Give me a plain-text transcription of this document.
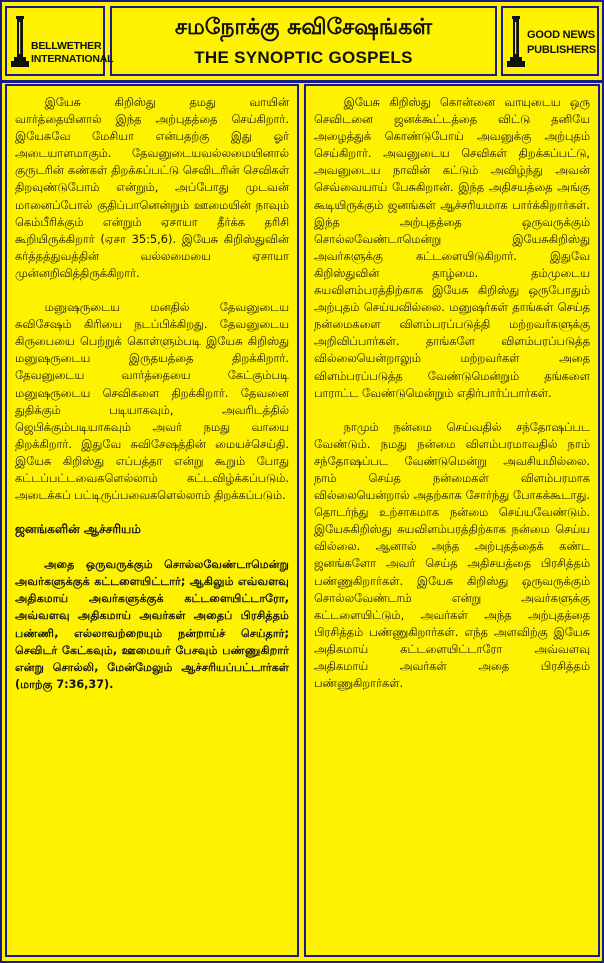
BELLWETHER
INTERNATIONAL
சமநோக்கு சுவிசேஷங்கள்
THE SYNOPTIC GOSPELS
GOOD NEWS
PUBLISHERS

இயேசு கிறிஸ்து தமது வாயின் வார்த்தையினால் இந்த அற்புதத்தை செய்கிறார். இயேசுவே மேசியா என்பதற்கு இது ஓர் அடையாளமாகும். தேவனுடையவல்லமையினால் குருடரின் கண்கள் திறக்கப்பட்டு செவிடரின் செவிகள் திறவுண்டுபோம் என்றும், அப்போது முடவன் மானைப்போல் குதிப்பானென்றும் ஊமையின் நாவும் கெம்பீரிக்கும் என்றும் ஏசாயா தீர்க்க தரிசி கூறியிருக்கிறார் (ஏசா 35:5,6). இயேசு கிறிஸ்துவின் கர்த்தத்துவத்தின் வல்லமையை ஏசாயா முன்னறிவித்திருக்கிறார்.

மனுஷருடைய மனதில் தேவனுடைய சுவிசேஷம் கிரியை நடப்பிக்கிறது. தேவனுடைய கிருபையை பெற்றுக் கொள்ளும்படி இயேசு கிறிஸ்து மனுஷருடைய இருதயத்தை திறக்கிறார். தேவனுடைய வார்த்தையை கேட்கும்படி மனுஷருடைய செவிகளை திறக்கிறார். தேவனை துதிக்கும் படியாகவும், அவரிடத்தில் ஜெபிக்கும்படியாகவும் அவர் நமது வாயை திறக்கிறார். இதுவே சுவிசேஷத்தின் மையச்செய்தி. இயேசு கிறிஸ்து எப்பத்தா என்று கூறும் போது கட்டப்பட்டவைகளெல்லாம் கட்டவிழ்க்கப்படும். அடைக்கப் பட்டிருப்பவைகளெல்லாம் திறக்கப்படும்.

ஜனங்களின் ஆச்சரியம்

அதை ஒருவருக்கும் சொல்லவேண்டாமென்று அவர்களுக்குக் கட்டளையிட்டார்; ஆகிலும் எவ்வளவு அதிகமாய் அவர்களுக்குக் கட்டளையிட்டாரோ, அவ்வளவு அதிகமாய் அவர்கள் அதைப் பிரசித்தம் பண்ணி, எல்லாவற்றையும் நன்றாய்ச் செய்தார்; செவிடர் கேட்கவும், ஊமையர் பேசவும் பண்ணுகிறார் என்று சொல்லி, மேன்மேலும் ஆச்சரியப்பட்டார்கள் (மாற்கு 7:36,37).

இயேசு கிறிஸ்து கொன்னை வாயுடைய ஒரு செவிடனை ஜனக்கூட்டத்தை விட்டு தனியே அழைத்துக் கொண்டுபோய் அவனுக்கு அற்புதம் செய்கிறார். அவனுடைய செவிகள் திறக்கப்பட்டு, அவனுடைய நாவின் கட்டும் அவிழ்ந்து அவன் செவ்வையாய் பேசுகிறான். இந்த அதிசயத்தை அங்கு கூடியிருக்கும் ஜனங்கள் ஆச்சரியமாக பார்க்கிறார்கள். இந்த அற்புதத்தை ஒருவருக்கும் சொல்லவேண்டாமென்று இயேசுகிறிஸ்து அவர்களுக்கு கட்டளையிடுகிறார். இதுவே கிறிஸ்துவின் தாழ்மை. தம்முடைய சுயவிளம்பரத்திற்காக இயேசு கிறிஸ்து ஒருபோதும் அற்புதம் செய்யவில்லை. மனுஷர்கள் தாங்கள் செய்த நன்மைகளை விளம்பரப்படுத்தி மற்றவர்களுக்கு அறிவிப்பார்கள். தாங்களே விளம்பரப்படுத்த வில்லையென்றாலும் மற்றவர்கள் அதை விளம்பரப்படுத்த வேண்டுமென்றும் தங்களை பாராட்ட வேண்டுமென்றும் எதிர்பார்ப்பார்கள்.

நாமும் நன்மை செய்வதில் சந்தோஷப்பட வேண்டும். நமது நன்மை விளம்பரமாவதில் நாம் சந்தோஷப்பட வேண்டுமென்று அவசியமில்லை. நாம் செய்த நன்மைகள் விளம்பரமாக வில்லையென்றால் அதற்காக சோர்ந்து போகக்கூடாது. தொடர்ந்து உற்சாகமாக நன்மை செய்யவேண்டும். இயேசுகிறிஸ்து சுயவிளம்பரத்திற்காக நன்மை செய்ய வில்லை. ஆனால் அந்த அற்புதத்தைக் கண்ட ஜனங்களோ அவர் செய்த அதிசயத்தை பிரசித்தம் பண்ணுகிறார்கள். இயேசு கிறிஸ்து ஒருவருக்கும் சொல்லவேண்டாம் என்று அவர்களுக்கு கட்டளையிட்டும், அவர்கள் அந்த அற்புதத்தை பிரசித்தம் பண்ணுகிறார்கள். எந்த அளவிற்கு இயேசு அதிகமாய் கட்டளையிட்டாரோ அவ்வளவு அதிகமாய் அவர்கள் அதை பிரசித்தம் பண்ணுகிறார்கள்.
